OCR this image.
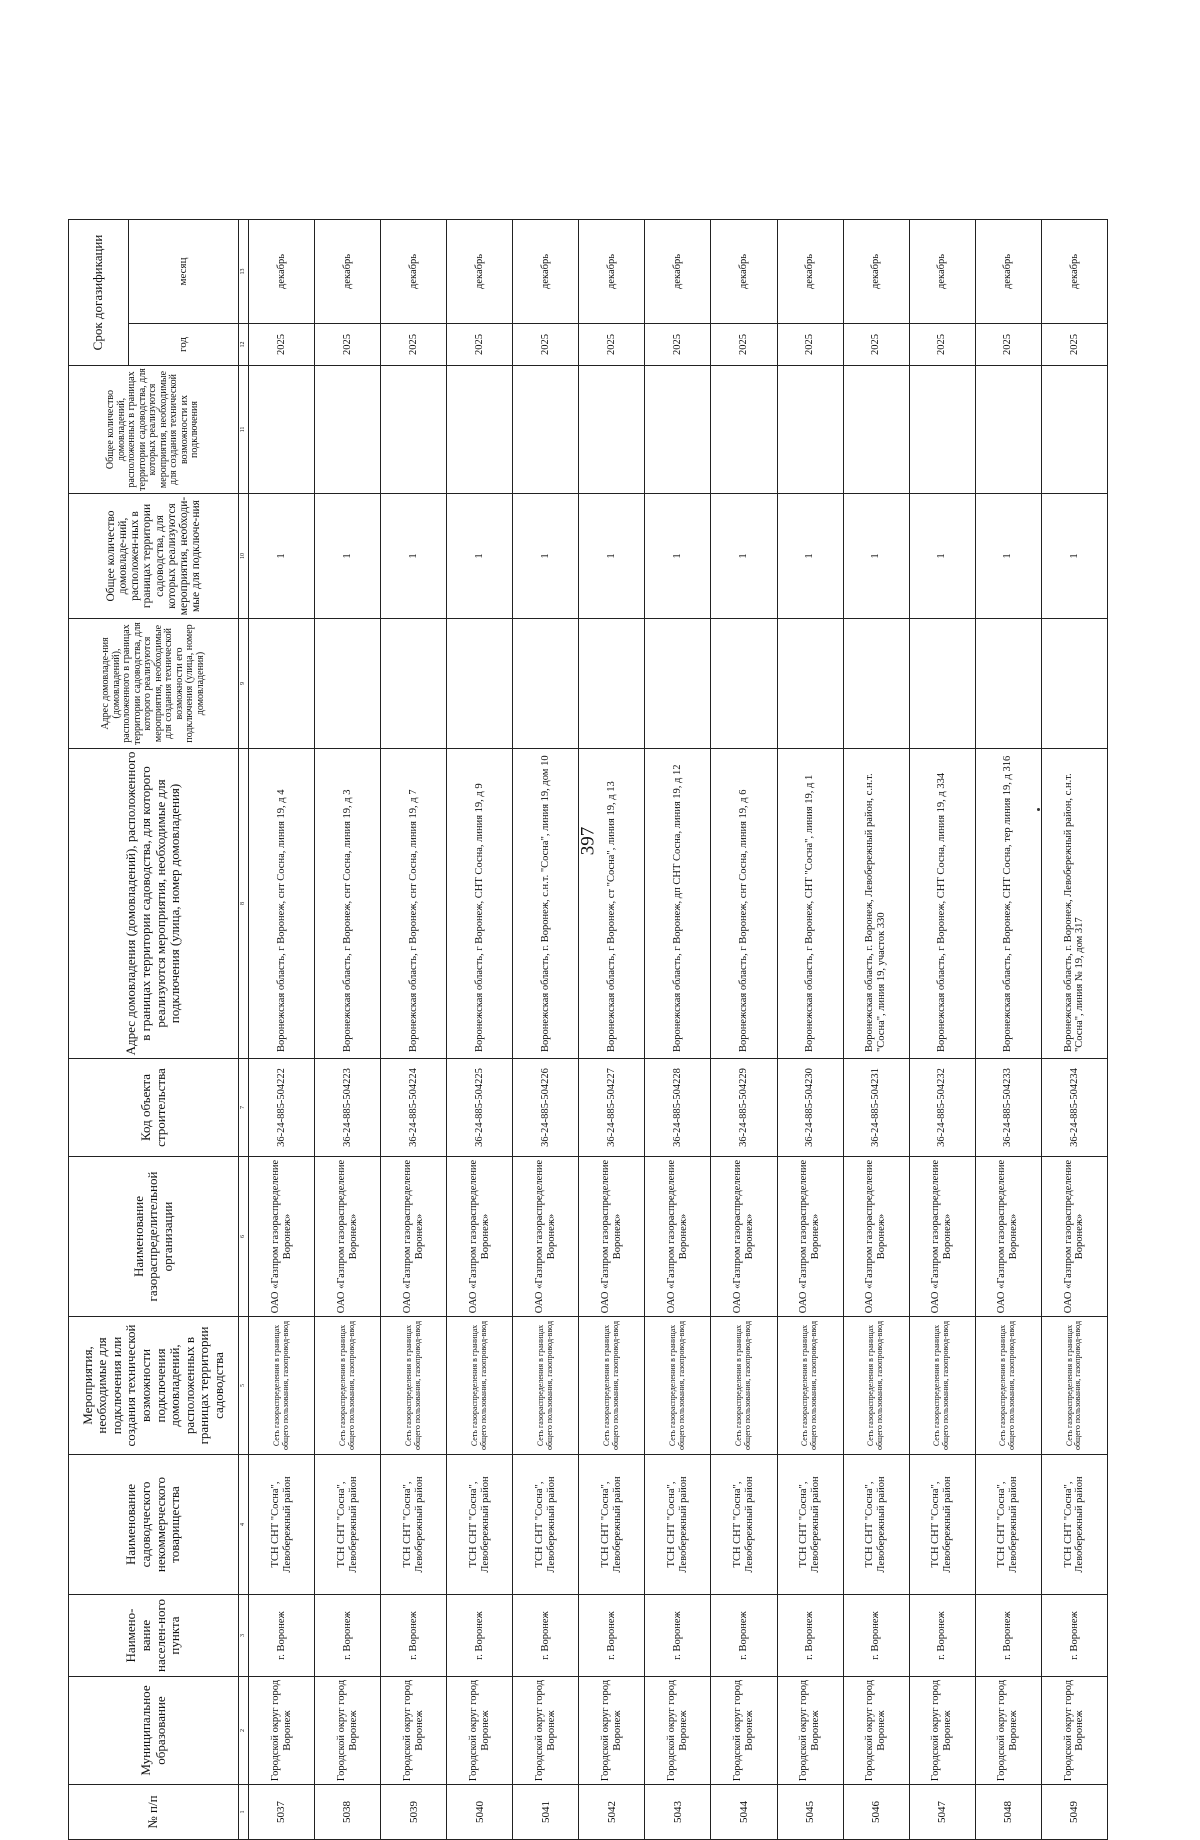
397
№ п/п	Муниципальное образование	Наимено-вание населен-ного пункта	Наименование садоводческого некоммерческого товарищества	Мероприятия, необходимые для подключения или создания технической возможности подключения домовладений, расположенных в границах территории садоводства	Наименование газораспределительной организации	Код объекта строительства	Адрес домовладения (домовладений), расположенного в границах территории садоводства, для которого реализуются мероприятия, необходимые для подключения (улица, номер домовладения)	Адрес домовладе-ния (домовладений), расположенного в границах территории садоводства, для которого реализуются мероприятия, необходимые для создания технической возможности его подключения (улица, номер домовладения)	Общее количество домовладе-ний, расположен-ных в границах территории садоводства, для которых реализуются мероприятия, необходи-мые для подключе-ния	Общее количество домовладений, расположенных в границах территории садоводства, для которых реализуются мероприятия, необходимые для создания технической возможности их подключения	Срок догазификации	
											год	месяц
1	2	3	4	5	6	7	8	9	10	11	12	13
5037	Городской округ город Воронеж	г. Воронеж	ТСН СНТ "Сосна", Левобережный район	Сеть газораспределения в границах общего пользования, газопровод-ввод	ОАО «Газпром газораспределение Воронеж»	36-24-885-504222	Воронежская область, г Воронеж, снт Сосна, линия 19, д 4		1		2025	декабрь
5038	Городской округ город Воронеж	г. Воронеж	ТСН СНТ "Сосна", Левобережный район	Сеть газораспределения в границах общего пользования, газопровод-ввод	ОАО «Газпром газораспределение Воронеж»	36-24-885-504223	Воронежская область, г Воронеж, снт Сосна, линия 19, д 3		1		2025	декабрь
5039	Городской округ город Воронеж	г. Воронеж	ТСН СНТ "Сосна", Левобережный район	Сеть газораспределения в границах общего пользования, газопровод-ввод	ОАО «Газпром газораспределение Воронеж»	36-24-885-504224	Воронежская область, г Воронеж, снт Сосна, линия 19, д 7		1		2025	декабрь
5040	Городской округ город Воронеж	г. Воронеж	ТСН СНТ "Сосна", Левобережный район	Сеть газораспределения в границах общего пользования, газопровод-ввод	ОАО «Газпром газораспределение Воронеж»	36-24-885-504225	Воронежская область, г Воронеж, СНТ Сосна, линия 19, д 9		1		2025	декабрь
5041	Городской округ город Воронеж	г. Воронеж	ТСН СНТ "Сосна", Левобережный район	Сеть газораспределения в границах общего пользования, газопровод-ввод	ОАО «Газпром газораспределение Воронеж»	36-24-885-504226	Воронежская область, г. Воронеж, с.н.т. "Сосна", линия 19, дом 10		1		2025	декабрь
5042	Городской округ город Воронеж	г. Воронеж	ТСН СНТ "Сосна", Левобережный район	Сеть газораспределения в границах общего пользования, газопровод-ввод	ОАО «Газпром газораспределение Воронеж»	36-24-885-504227	Воронежская область, г Воронеж, ст "Сосна", линия 19, д 13		1		2025	декабрь
5043	Городской округ город Воронеж	г. Воронеж	ТСН СНТ "Сосна", Левобережный район	Сеть газораспределения в границах общего пользования, газопровод-ввод	ОАО «Газпром газораспределение Воронеж»	36-24-885-504228	Воронежская область, г Воронеж, дп СНТ Сосна, линия 19, д 12		1		2025	декабрь
5044	Городской округ город Воронеж	г. Воронеж	ТСН СНТ "Сосна", Левобережный район	Сеть газораспределения в границах общего пользования, газопровод-ввод	ОАО «Газпром газораспределение Воронеж»	36-24-885-504229	Воронежская область, г Воронеж, снт Сосна, линия 19, д 6		1		2025	декабрь
5045	Городской округ город Воронеж	г. Воронеж	ТСН СНТ "Сосна", Левобережный район	Сеть газораспределения в границах общего пользования, газопровод-ввод	ОАО «Газпром газораспределение Воронеж»	36-24-885-504230	Воронежская область, г Воронеж, СНТ "Сосна", линия 19, д 1		1		2025	декабрь
5046	Городской округ город Воронеж	г. Воронеж	ТСН СНТ "Сосна", Левобережный район	Сеть газораспределения в границах общего пользования, газопровод-ввод	ОАО «Газпром газораспределение Воронеж»	36-24-885-504231	Воронежская область, г. Воронеж, Левобережный район, с.н.т. "Сосна", линия 19, участок 330		1		2025	декабрь
5047	Городской округ город Воронеж	г. Воронеж	ТСН СНТ "Сосна", Левобережный район	Сеть газораспределения в границах общего пользования, газопровод-ввод	ОАО «Газпром газораспределение Воронеж»	36-24-885-504232	Воронежская область, г Воронеж, СНТ Сосна, линия 19, д 334		1		2025	декабрь
5048	Городской округ город Воронеж	г. Воронеж	ТСН СНТ "Сосна", Левобережный район	Сеть газораспределения в границах общего пользования, газопровод-ввод	ОАО «Газпром газораспределение Воронеж»	36-24-885-504233	Воронежская область, г Воронеж, СНТ Сосна, тер линия 19, д 316		1		2025	декабрь
5049	Городской округ город Воронеж	г. Воронеж	ТСН СНТ "Сосна", Левобережный район	Сеть газораспределения в границах общего пользования, газопровод-ввод	ОАО «Газпром газораспределение Воронеж»	36-24-885-504234	Воронежская область, г. Воронеж, Левобережный район, с.н.т. "Сосна", линия № 19, дом 317		1		2025	декабрь
